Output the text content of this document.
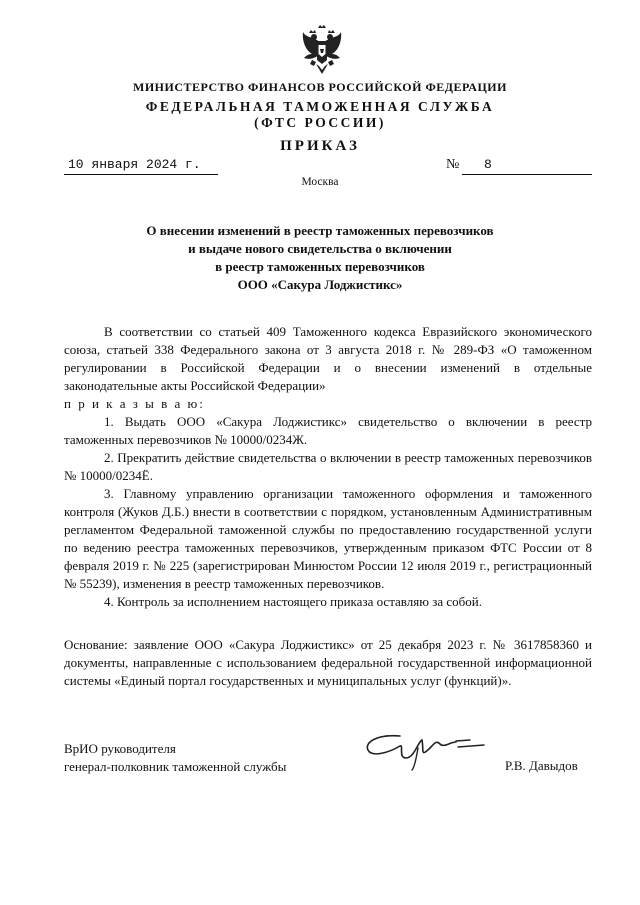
МИНИСТЕРСТВО ФИНАНСОВ РОССИЙСКОЙ ФЕДЕРАЦИИ
ФЕДЕРАЛЬНАЯ ТАМОЖЕННАЯ СЛУЖБА
(ФТС РОССИИ)
ПРИКАЗ
10 января 2024 г.	№	8
Москва
О внесении изменений в реестр таможенных перевозчиков
и выдаче нового свидетельства о включении
в реестр таможенных перевозчиков
ООО «Сакура Лоджистикс»

В соответствии со статьей 409 Таможенного кодекса Евразийского экономического союза, статьей 338 Федерального закона от 3 августа 2018 г. № 289-ФЗ «О таможенном регулировании в Российской Федерации и о внесении изменений в отдельные законодательные акты Российской Федерации»

п р и к а з ы в а ю:

1. Выдать ООО «Сакура Лоджистикс» свидетельство о включении в реестр таможенных перевозчиков № 10000/0234Ж.

2. Прекратить действие свидетельства о включении в реестр таможенных перевозчиков № 10000/0234Ё.

3. Главному управлению организации таможенного оформления и таможенного контроля (Жуков Д.Б.) внести в соответствии с порядком, установленным Административным регламентом Федеральной таможенной службы по предоставлению государственной услуги по ведению реестра таможенных перевозчиков, утвержденным приказом ФТС России от 8 февраля 2019 г. № 225 (зарегистрирован Минюстом России 12 июля 2019 г., регистрационный № 55239), изменения в реестр таможенных перевозчиков.

4. Контроль за исполнением настоящего приказа оставляю за собой.

Основание: заявление ООО «Сакура Лоджистикс» от 25 декабря 2023 г. № 3617858360 и документы, направленные с использованием федеральной государственной информационной системы «Единый портал государственных и муниципальных услуг (функций)».
ВрИО руководителя
генерал-полковник таможенной службы	Р.В. Давыдов
